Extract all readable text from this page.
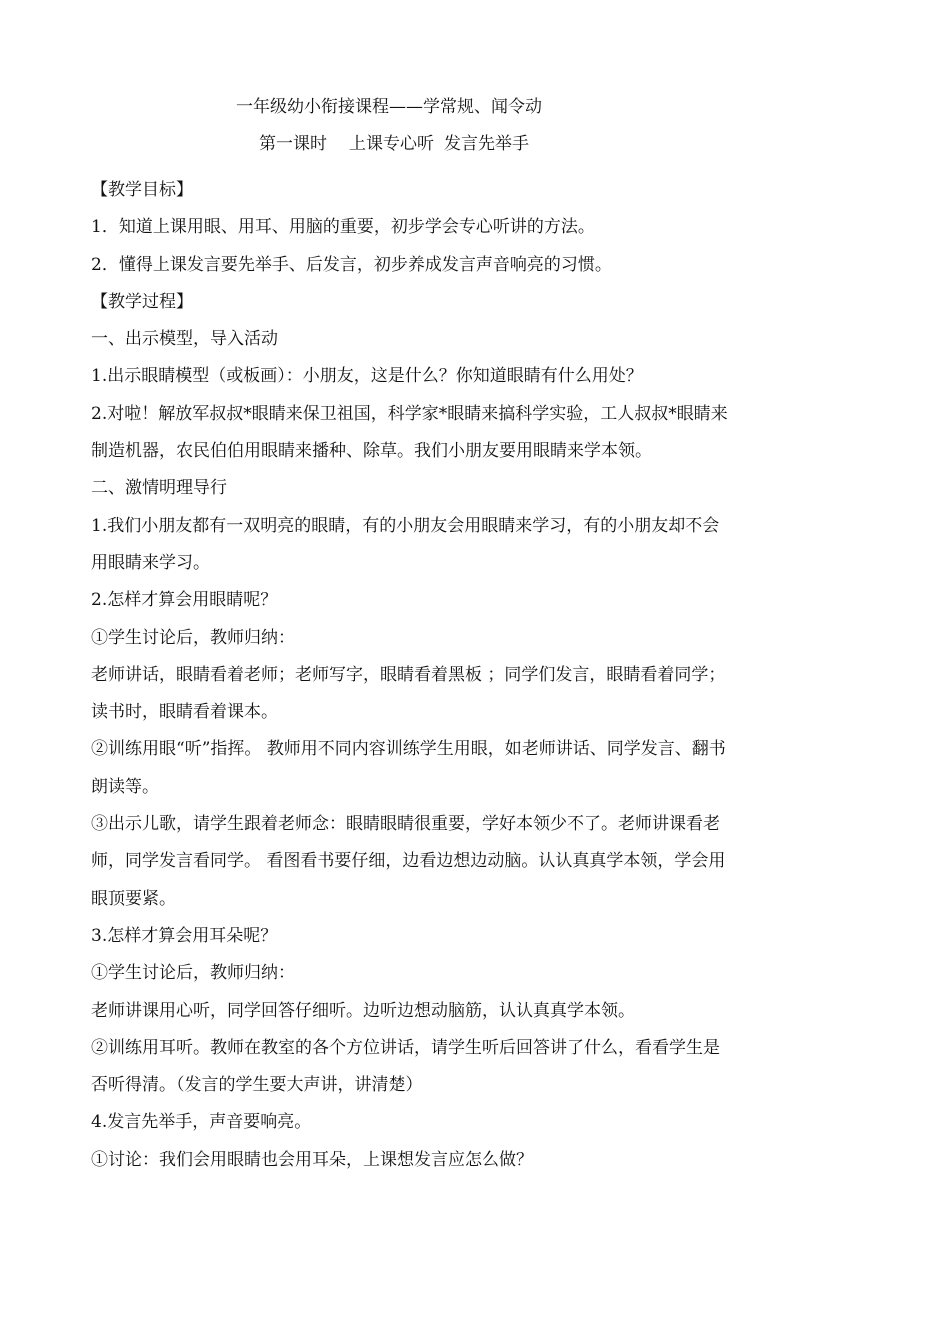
一年级幼小衔接课程——学常规、闻令动
第一课时 上课专心听 发言先举手

【教学目标】

1．知道上课用眼、用耳、用脑的重要，初步学会专心听讲的方法。

2．懂得上课发言要先举手、后发言，初步养成发言声音响亮的习惯。

【教学过程】

一、出示模型，导入活动

1.出示眼睛模型（或板画）：小朋友，这是什么？你知道眼睛有什么用处？

2.对啦！解放军叔叔*眼睛来保卫祖国，科学家*眼睛来搞科学实验，工人叔叔*眼睛来制造机器，农民伯伯用眼睛来播种、除草。我们小朋友要用眼睛来学本领。

二、激情明理导行

1.我们小朋友都有一双明亮的眼睛，有的小朋友会用眼睛来学习，有的小朋友却不会用眼睛来学习。

2.怎样才算会用眼睛呢？

①学生讨论后，教师归纳：

老师讲话，眼睛看着老师；老师写字，眼睛看着黑板 ；同学们发言，眼睛看着同学；读书时，眼睛看着课本。

②训练用眼“听”指挥。 教师用不同内容训练学生用眼，如老师讲话、同学发言、翻书朗读等。

③出示儿歌，请学生跟着老师念：眼睛眼睛很重要，学好本领少不了。老师讲课看老师，同学发言看同学。 看图看书要仔细，边看边想边动脑。认认真真学本领，学会用眼顶要紧。

3.怎样才算会用耳朵呢？

①学生讨论后，教师归纳：

老师讲课用心听，同学回答仔细听。边听边想动脑筋，认认真真学本领。

②训练用耳听。教师在教室的各个方位讲话，请学生听后回答讲了什么，看看学生是否听得清。（发言的学生要大声讲，讲清楚）

4.发言先举手，声音要响亮。

①讨论：我们会用眼睛也会用耳朵，上课想发言应怎么做？
